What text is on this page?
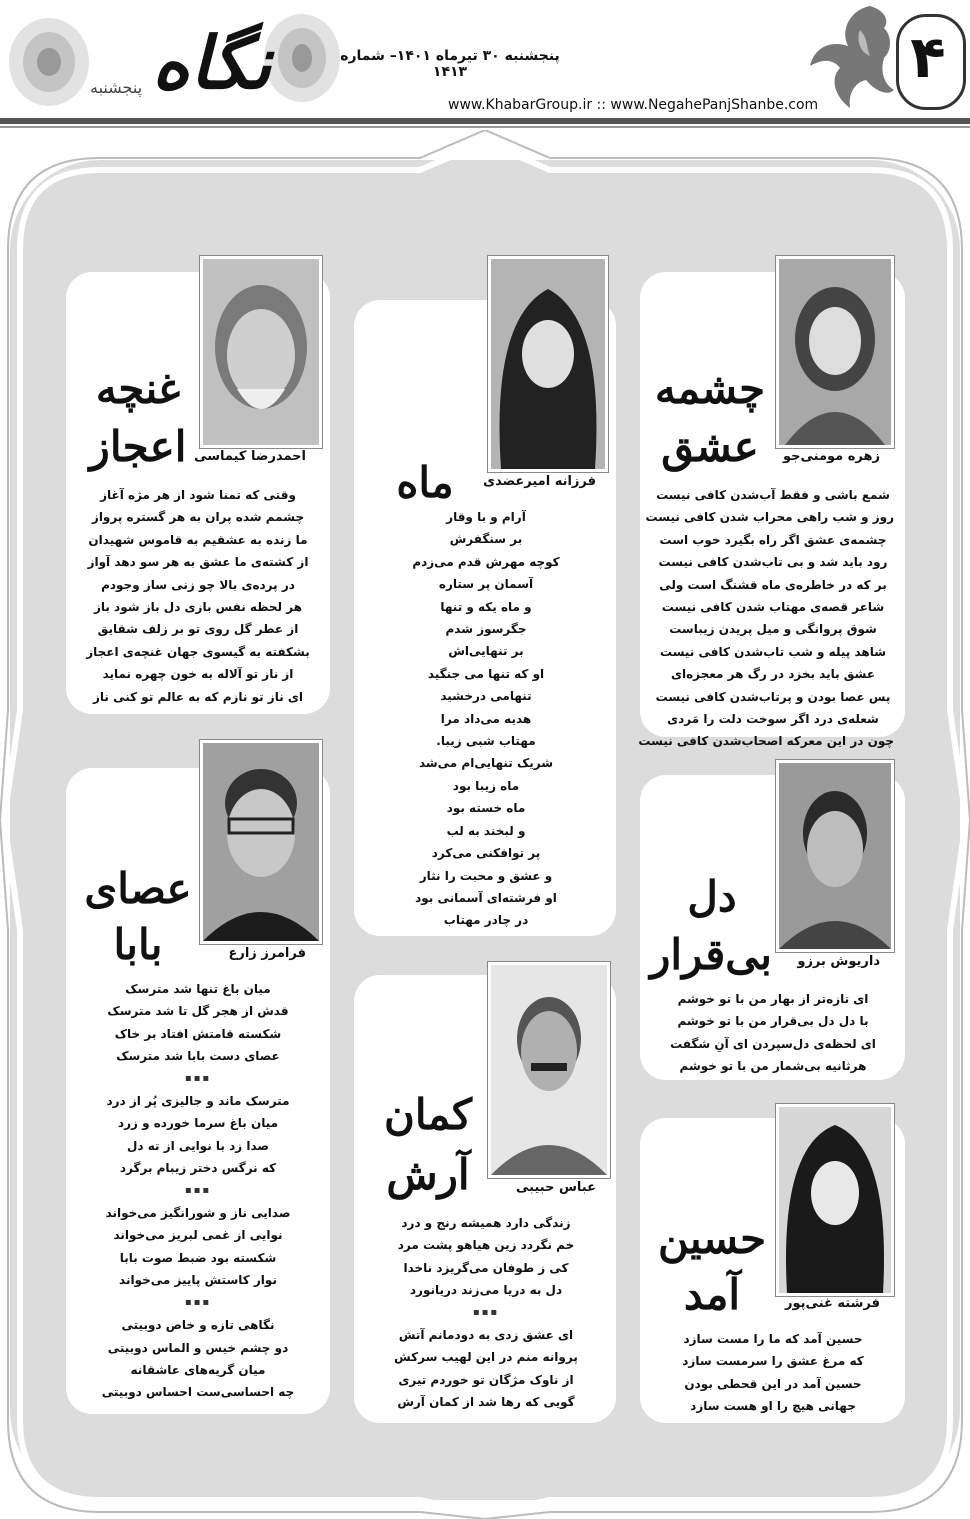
۴
پنجشنبه ۳۰ تیرماه ۱۴۰۱– شماره ۱۴۱۳
www.KhabarGroup.ir :: www.NegahePanjShanbe.com
نگاه
پنجشنبه
چشمه
عشق	زهره مومنی‌جو
شمع باشی و فقط آب‌شدن کافی نیست
روز و شب راهی محراب شدن کافی نیست
چشمه‌ی عشق اگر راه بگیرد خوب است
رود باید شد و بی تاب‌شدن کافی نیست
بر که در خاطره‌ی ماه قشنگ است ولی
شاعر قصه‌ی مهتاب شدن کافی نیست
شوق پروانگی و میل پریدن زیباست
شاهد پیله و شب تاب‌شدن کافی نیست
عشق باید بخزد در رگ هر معجزه‌ای
پس عصا بودن و پرتاب‌شدن کافی نیست
شعله‌ی درد اگر سوخت دلت را مَردی
چون در این معرکه اصحاب‌شدن کافی نیست
ماه	فرزانه امیرعضدی
آرام و با وقار
بر سنگفرش
کوچه مهرش قدم می‌زدم
آسمان پر ستاره
و ماه یکه و تنها
جگرسوز شدم
بر تنهایی‌اش
او که تنها می جنگید
تنهامی درخشید
هدیه می‌داد مرا
مهتاب شبی زیبا.
شریک تنهایی‌ام می‌شد
ماه زیبا بود
ماه خسته بود
و لبخند به لب
پر توافکنی می‌کرد
و عشق و محبت را نثار
او فرشته‌ای آسمانی بود
در چادر مهتاب
غنچه
اعجاز احمدرضا کیماسی
وقتی که تمنا شود از هر مژه آغاز
چشمم شده پران به هر گستره پرواز
ما زنده به عشقیم به قاموس شهیدان
از کشته‌ی ما عشق به هر سو دهد آواز
در پرده‌ی بالا چو زنی ساز وجودم
هر لحظه نفس بازی دل باز شود باز
از عطر گل روی تو بر زلف شقایق
بشکفته به گیسوی جهان غنچه‌ی اعجاز
از ناز تو آلاله به خون چهره نماید
ای ناز تو نازم که به عالم تو کنی ناز
دل
بی‌قرار	داریوش برزو
ای تازه‌تر از بهار من با تو خوشم
با دل دل بی‌قرار من با تو خوشم
ای لحظه‌ی دل‌سپردن ای آنِ شگفت
هرثانیه بی‌شمار من با تو خوشم
عصای
بابا	فرامرز زارع
میان باغ تنها شد مترسک
قدش از هجر گل تا شد مترسک
شکسته قامتش افتاد بر خاک
عصای دست بابا شد مترسک
▪▪▪
مترسک ماند و جالیزی پُر از درد
میان باغ سرما خورده و زرد
صدا زد با نوایی از ته دل
که نرگس دختر زیبام برگرد
▪▪▪
صدایی ناز و شورانگیز می‌خواند
نوایی از غمی لبریز می‌خواند
شکسته بود ضبط صوت بابا
نوار کاستش پاییز می‌خواند
▪▪▪
نگاهی تازه و خاص دوبیتی
دو چشم خیس و الماس دوبیتی
میان گریه‌های عاشقانه
چه احساسی‌ست احساس دوبیتی
کمان
آرش	عباس حبیبی
زندگی دارد همیشه رنج و درد
خم نگردد زین هیاهو پشت مرد
کی ز طوفان می‌گریزد ناخدا
دل به دریا می‌زند دریانورد
▪▪▪
ای عشق زدی به دودمانم آتش
پروانه منم در این لهیب سرکش
از ناوک مژگان تو خوردم تیری
گویی که رها شد از کمان آرش
حسین
آمد	فرشته غنی‌پور
حسین آمد که ما را مست سازد
که مرغ عشق را سرمست سازد
حسین آمد در این قحطی بودن
جهانی هیچ را او هست سازد
